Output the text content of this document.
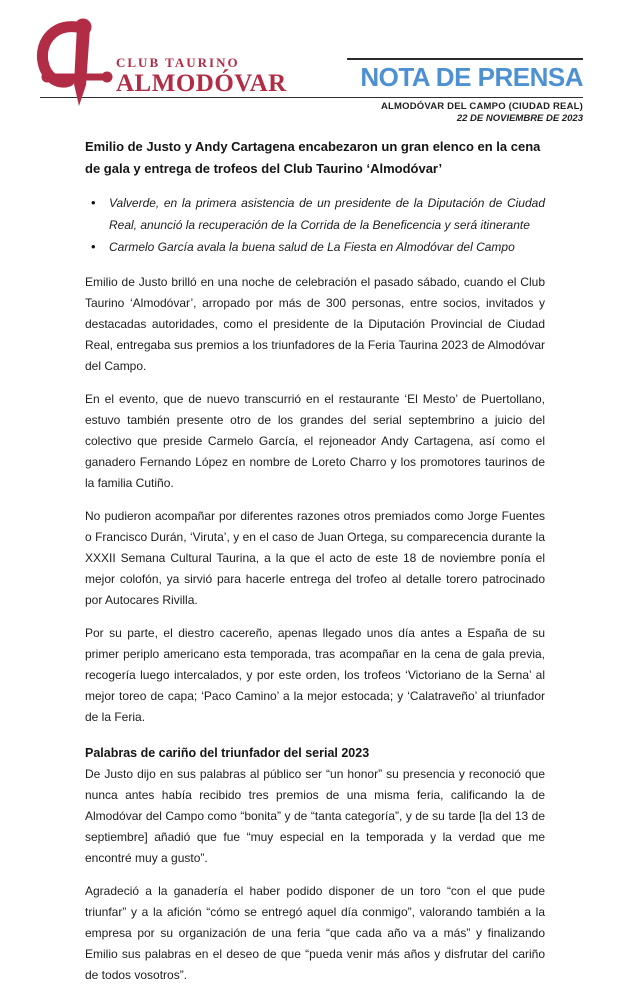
CLUB TAURINO
ALMODÓVAR	NOTA DE PRENSA
ALMODÓVAR DEL CAMPO (CIUDAD REAL)
22 DE NOVIEMBRE DE 2023
Emilio de Justo y Andy Cartagena encabezaron un gran elenco en la cena de gala y entrega de trofeos del Club Taurino ‘Almodóvar’
• Valverde, en la primera asistencia de un presidente de la Diputación de Ciudad Real, anunció la recuperación de la Corrida de la Beneficencia y será itinerante
• Carmelo García avala la buena salud de La Fiesta en Almodóvar del Campo

Emilio de Justo brilló en una noche de celebración el pasado sábado, cuando el Club Taurino ‘Almodóvar’, arropado por más de 300 personas, entre socios, invitados y destacadas autoridades, como el presidente de la Diputación Provincial de Ciudad Real, entregaba sus premios a los triunfadores de la Feria Taurina 2023 de Almodóvar del Campo.

En el evento, que de nuevo transcurrió en el restaurante ‘El Mesto’ de Puertollano, estuvo también presente otro de los grandes del serial septembrino a juicio del colectivo que preside Carmelo García, el rejoneador Andy Cartagena, así como el ganadero Fernando López en nombre de Loreto Charro y los promotores taurinos de la familia Cutiño.

No pudieron acompañar por diferentes razones otros premiados como Jorge Fuentes o Francisco Durán, ‘Viruta’, y en el caso de Juan Ortega, su comparecencia durante la XXXII Semana Cultural Taurina, a la que el acto de este 18 de noviembre ponía el mejor colofón, ya sirvió para hacerle entrega del trofeo al detalle torero patrocinado por Autocares Rivilla.

Por su parte, el diestro cacereño, apenas llegado unos día antes a España de su primer periplo americano esta temporada, tras acompañar en la cena de gala previa, recogería luego intercalados, y por este orden, los trofeos ‘Victoriano de la Serna’ al mejor toreo de capa; ‘Paco Camino’ a la mejor estocada; y ‘Calatraveño’ al triunfador de la Feria.

Palabras de cariño del triunfador del serial 2023

De Justo dijo en sus palabras al público ser “un honor” su presencia y reconoció que nunca antes había recibido tres premios de una misma feria, calificando la de Almodóvar del Campo como “bonita” y de “tanta categoría”, y de su tarde [la del 13 de septiembre] añadió que fue “muy especial en la temporada y la verdad que me encontré muy a gusto”.

Agradeció a la ganadería el haber podido disponer de un toro “con el que pude triunfar” y a la afición “cómo se entregó aquel día conmigo”, valorando también a la empresa por su organización de una feria “que cada año va a más” y finalizando Emilio sus palabras en el deseo de que “pueda venir más años y disfrutar del cariño de todos vosotros”.
